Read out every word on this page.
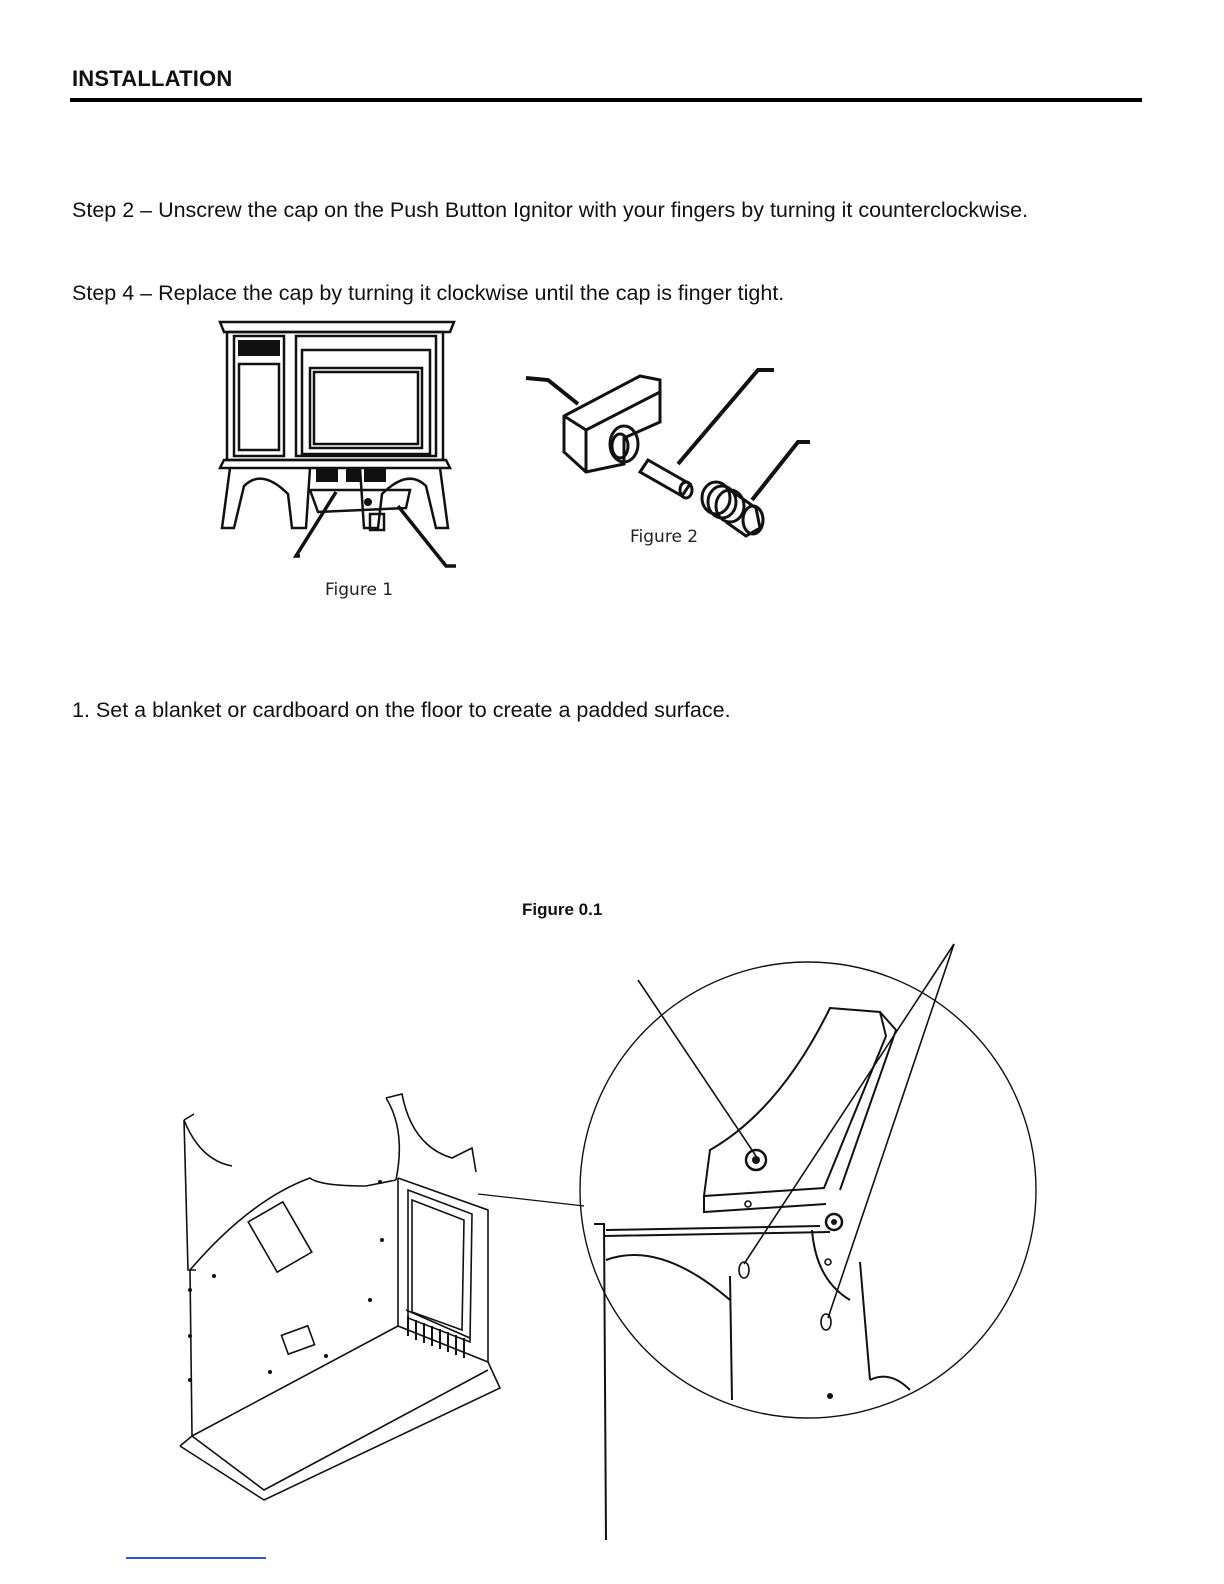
INSTALLATION
Step 2 – Unscrew the cap on the Push Button Ignitor with your fingers by turning it counterclockwise.
Step 4 – Replace the cap by turning it clockwise until the cap is finger tight.
Figure 1
Figure 2
1. Set a blanket or cardboard on the floor to create a padded surface.
Figure 0.1
